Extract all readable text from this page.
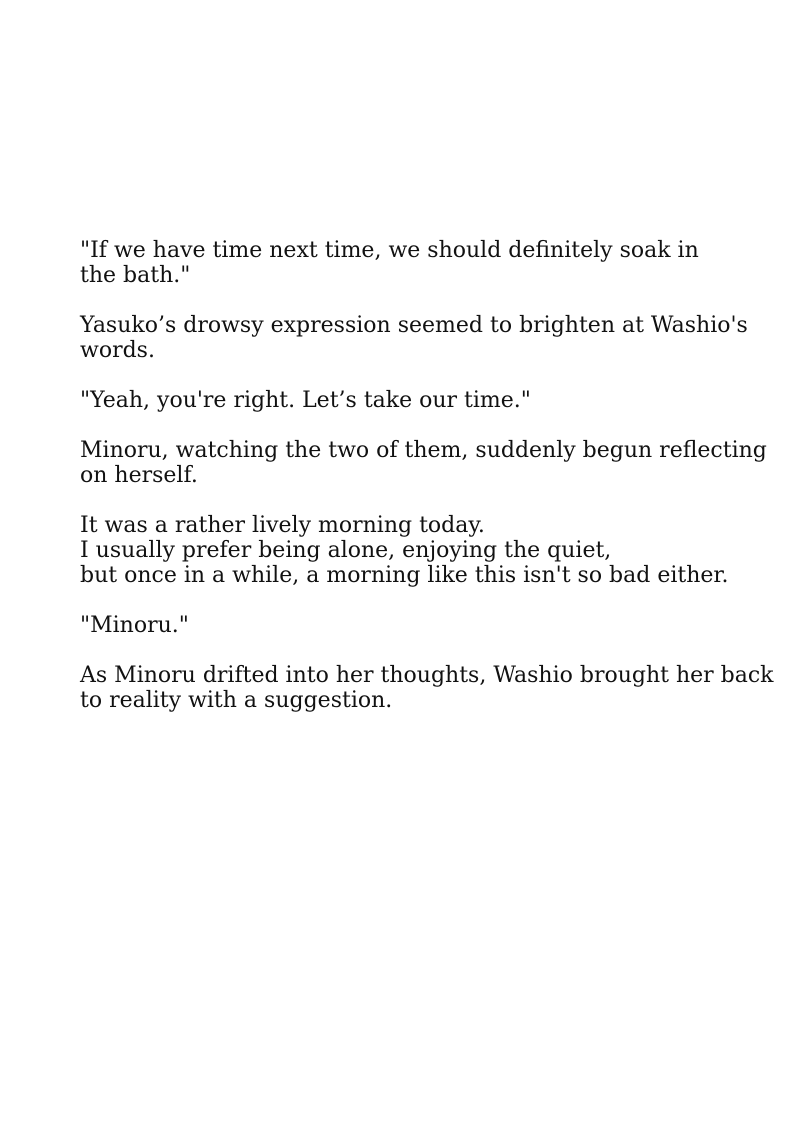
"If we have time next time, we should definitely soak in
the bath."

Yasuko’s drowsy expression seemed to brighten at Washio's
words.

"Yeah, you're right. Let’s take our time."

Minoru, watching the two of them, suddenly begun reflecting
on herself.

It was a rather lively morning today.
I usually prefer being alone, enjoying the quiet,
but once in a while, a morning like this isn't so bad either.

"Minoru."

As Minoru drifted into her thoughts, Washio brought her back
to reality with a suggestion.
